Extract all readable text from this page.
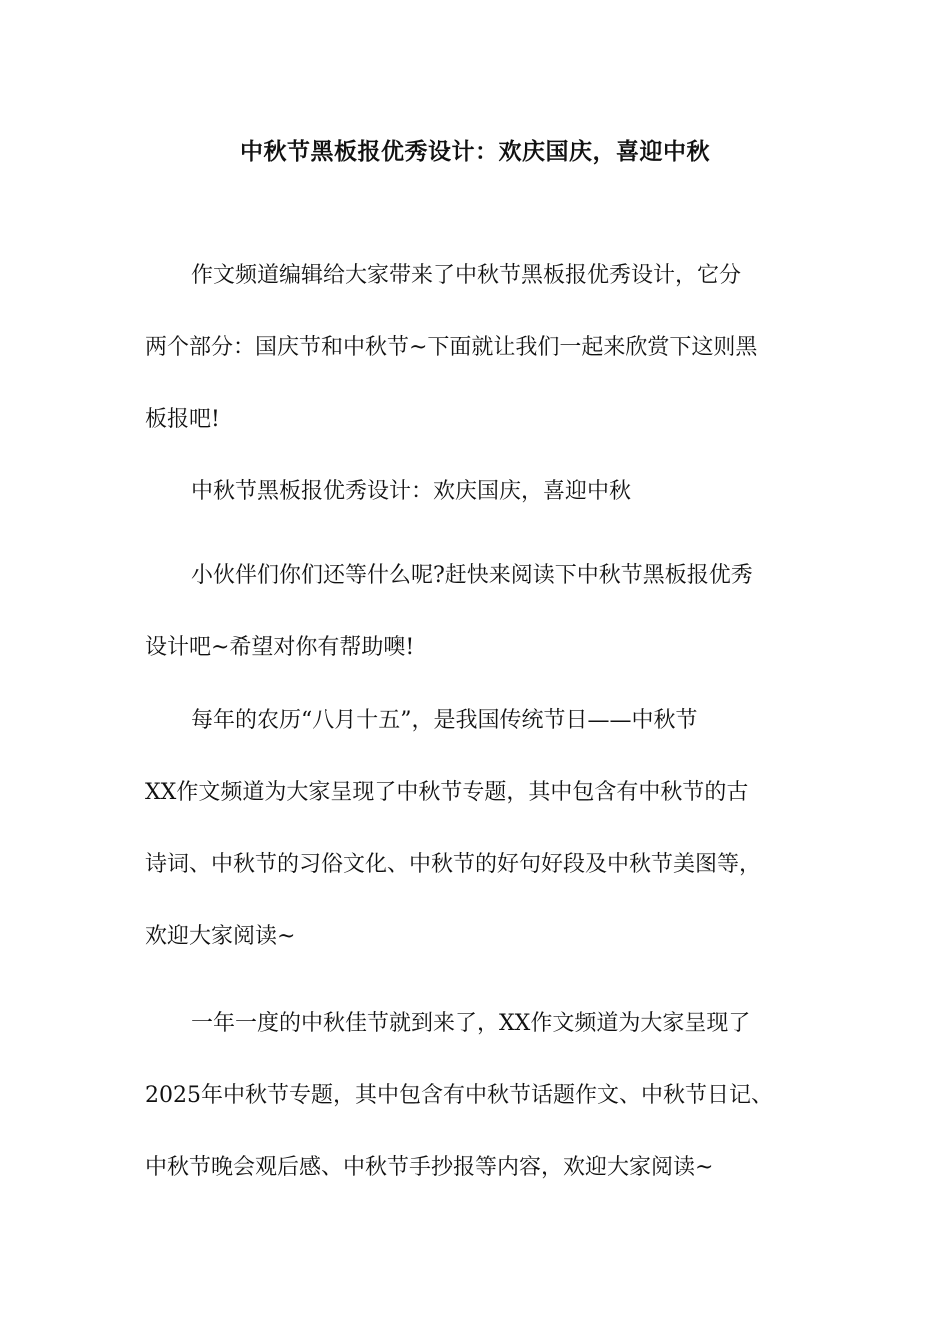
中秋节黑板报优秀设计：欢庆国庆，喜迎中秋
作文频道编辑给大家带来了中秋节黑板报优秀设计，它分
两个部分：国庆节和中秋节~下面就让我们一起来欣赏下这则黑
板报吧!
中秋节黑板报优秀设计：欢庆国庆，喜迎中秋
小伙伴们你们还等什么呢?赶快来阅读下中秋节黑板报优秀
设计吧~希望对你有帮助噢!
每年的农历“八月十五”，是我国传统节日——中秋节
XX作文频道为大家呈现了中秋节专题，其中包含有中秋节的古
诗词、中秋节的习俗文化、中秋节的好句好段及中秋节美图等，
欢迎大家阅读~
一年一度的中秋佳节就到来了，XX作文频道为大家呈现了
2025年中秋节专题，其中包含有中秋节话题作文、中秋节日记、
中秋节晚会观后感、中秋节手抄报等内容，欢迎大家阅读~
